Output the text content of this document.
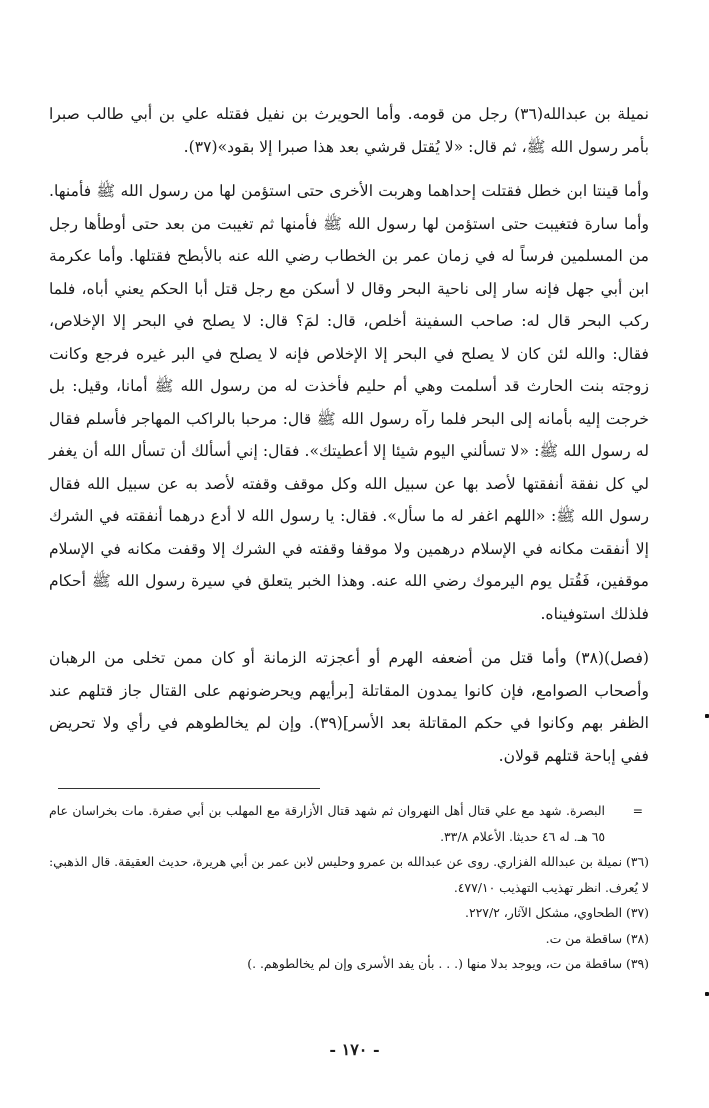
نميلة بن عبدالله(٣٦) رجل من قومه. وأما الحويرث بن نفيل فقتله علي بن أبي طالب صبرا بأمر رسول الله ﷺ، ثم قال: «لا يُقتل قرشي بعد هذا صبرا إلا بقود»(٣٧).

وأما قينتا ابن خطل فقتلت إحداهما وهربت الأخرى حتى استؤمن لها من رسول الله ﷺ فأمنها. وأما سارة فتغيبت حتى استؤمن لها رسول الله ﷺ فأمنها ثم تغيبت من بعد حتى أوطأها رجل من المسلمين فرساً له في زمان عمر بن الخطاب رضي الله عنه بالأبطح فقتلها. وأما عكرمة ابن أبي جهل فإنه سار إلى ناحية البحر وقال لا أسكن مع رجل قتل أبا الحكم يعني أباه، فلما ركب البحر قال له: صاحب السفينة أخلص، قال: لمَ؟ قال: لا يصلح في البحر إلا الإخلاص، فقال: والله لئن كان لا يصلح في البحر إلا الإخلاص فإنه لا يصلح في البر غيره فرجع وكانت زوجته بنت الحارث قد أسلمت وهي أم حليم فأخذت له من رسول الله ﷺ أمانا، وقيل: بل خرجت إليه بأمانه إلى البحر فلما رآه رسول الله ﷺ قال: مرحبا بالراكب المهاجر فأسلم فقال له رسول الله ﷺ: «لا تسألني اليوم شيئا إلا أعطيتك». فقال: إني أسألك أن تسأل الله أن يغفر لي كل نفقة أنفقتها لأصد بها عن سبيل الله وكل موقف وقفته لأصد به عن سبيل الله فقال رسول الله ﷺ: «اللهم اغفر له ما سأل». فقال: يا رسول الله لا أدع درهما أنفقته في الشرك إلا أنفقت مكانه في الإسلام درهمين ولا موقفا وقفته في الشرك إلا وقفت مكانه في الإسلام موقفين، فَقُتل يوم اليرموك رضي الله عنه. وهذا الخبر يتعلق في سيرة رسول الله ﷺ أحكام فلذلك استوفيناه.

(فصل)(٣٨) وأما قتل من أضعفه الهرم أو أعجزته الزمانة أو كان ممن تخلى من الرهبان وأصحاب الصوامع، فإن كانوا يمدون المقاتلة [برأيهم ويحرضونهم على القتال جاز قتلهم عند الظفر بهم وكانوا في حكم المقاتلة بعد الأسر](٣٩). وإن لم يخالطوهم في رأي ولا تحريض ففي إباحة قتلهم قولان.

=
البصرة. شهد مع علي قتال أهل النهروان ثم شهد قتال الأزارقة مع المهلب بن أبي صفرة. مات بخراسان عام ٦٥ هـ. له ٤٦ حديثا. الأعلام ٣٣/٨.

(٣٦) نميلة بن عبدالله الفزاري. روى عن عبدالله بن عمرو وحليس لابن عمر بن أبي هريرة، حديث العقيقة. قال الذهبي: لا يُعرف. انظر تهذيب التهذيب ٤٧٧/١٠.

(٣٧) الطحاوي، مشكل الآثار، ٢٢٧/٢.

(٣٨) ساقطة من ت.

(٣٩) ساقطة من ت، ويوجد بدلا منها (. . . بأن يفد الأسرى وإن لم يخالطوهم. .)

- ١٧٠ -
